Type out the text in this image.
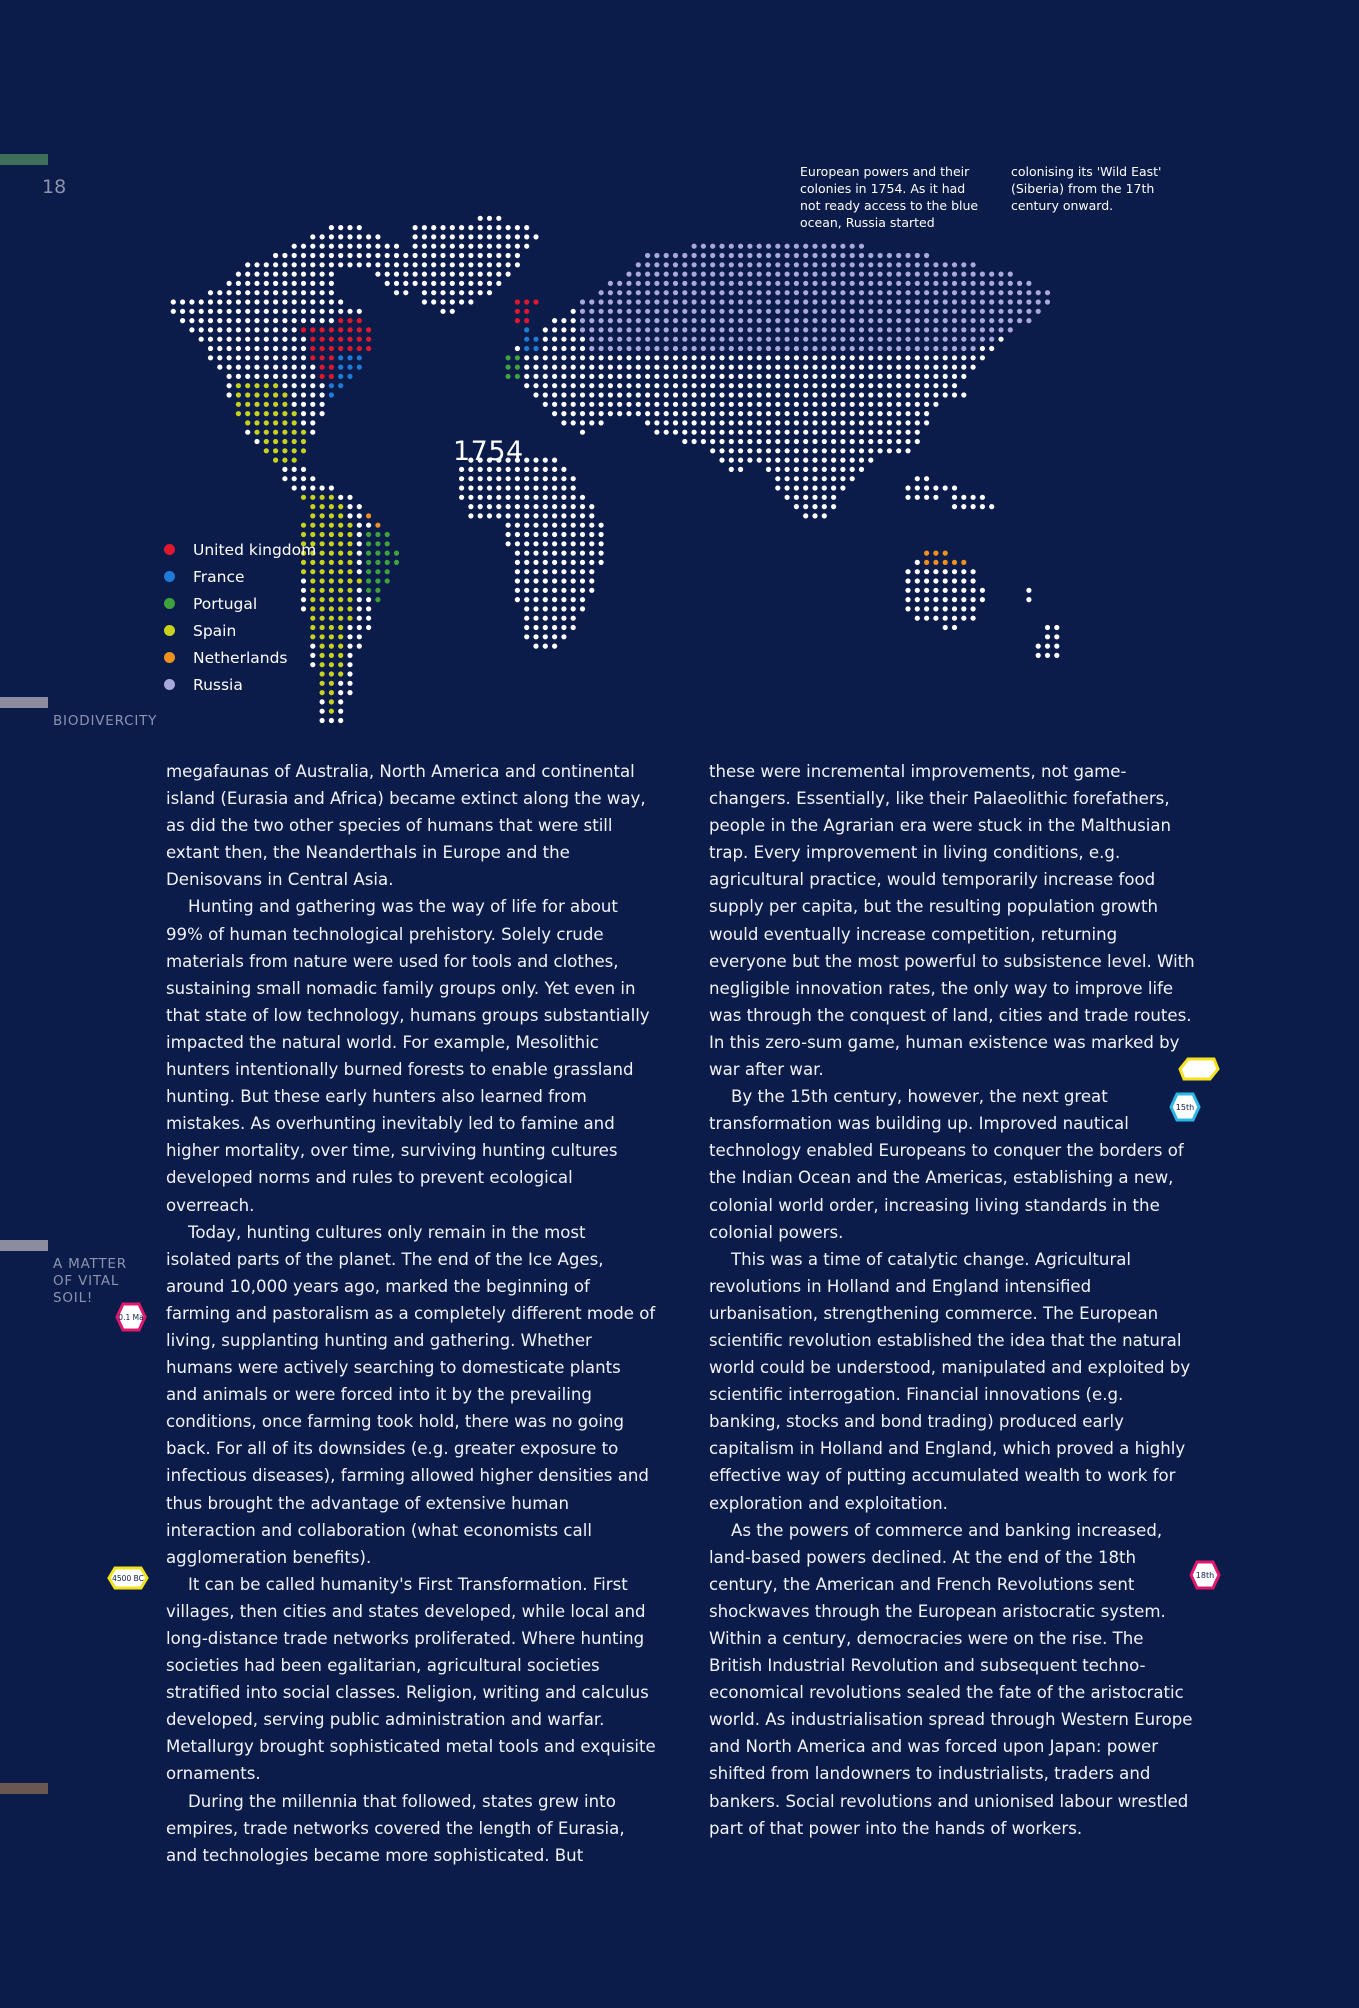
18
BIODIVERCITY
A MATTER
OF VITAL
SOIL!
European powers and their
colonies in 1754. As it had
not ready access to the blue
ocean, Russia started
colonising its 'Wild East'
(Siberia) from the 17th
century onward.
1754
United kingdom
France
Portugal
Spain
Netherlands
Russia

megafaunas of Australia, North America and continental island (Eurasia and Africa) became extinct along the way, as did the two other species of humans that were still extant then, the Neanderthals in Europe and the Denisovans in Central Asia.

Hunting and gathering was the way of life for about 99% of human technological prehistory. Solely crude materials from nature were used for tools and clothes, sustaining small nomadic family groups only. Yet even in that state of low technology, humans groups substantially impacted the natural world. For example, Mesolithic hunters intentionally burned forests to enable grassland hunting. But these early hunters also learned from mistakes. As overhunting inevitably led to famine and higher mortality, over time, surviving hunting cultures developed norms and rules to prevent ecological overreach.

Today, hunting cultures only remain in the most isolated parts of the planet. The end of the Ice Ages, around 10,000 years ago, marked the beginning of farming and pastoralism as a completely different mode of living, supplanting hunting and gathering. Whether humans were actively searching to domesticate plants and animals or were forced into it by the prevailing conditions, once farming took hold, there was no going back. For all of its downsides (e.g. greater exposure to infectious diseases), farming allowed higher densities and thus brought the advantage of extensive human interaction and collaboration (what economists call agglomeration benefits).

It can be called humanity's First Transformation. First villages, then cities and states developed, while local and long-distance trade networks proliferated. Where hunting societies had been egalitarian, agricultural societies stratified into social classes. Religion, writing and calculus developed, serving public administration and warfar. Metallurgy brought sophisticated metal tools and exquisite ornaments.

During the millennia that followed, states grew into empires, trade networks covered the length of Eurasia, and technologies became more sophisticated. But

these were incremental improvements, not game-changers. Essentially, like their Palaeolithic forefathers, people in the Agrarian era were stuck in the Malthusian trap. Every improvement in living conditions, e.g. agricultural practice, would temporarily increase food supply per capita, but the resulting population growth would eventually increase competition, returning everyone but the most powerful to subsistence level. With negligible innovation rates, the only way to improve life was through the conquest of land, cities and trade routes. In this zero-sum game, human existence was marked by war after war.

By the 15th century, however, the next great transformation was building up. Improved nautical technology enabled Europeans to conquer the borders of the Indian Ocean and the Americas, establishing a new, colonial world order, increasing living standards in the colonial powers.

This was a time of catalytic change. Agricultural revolutions in Holland and England intensified urbanisation, strengthening commerce. The European scientific revolution established the idea that the natural world could be understood, manipulated and exploited by scientific interrogation. Financial innovations (e.g. banking, stocks and bond trading) produced early capitalism in Holland and England, which proved a highly effective way of putting accumulated wealth to work for exploration and exploitation.

As the powers of commerce and banking increased, land-based powers declined. At the end of the 18th century, the American and French Revolutions sent shockwaves through the European aristocratic system. Within a century, democracies were on the rise. The British Industrial Revolution and subsequent techno-economical revolutions sealed the fate of the aristocratic world. As industrialisation spread through Western Europe and North America and was forced upon Japan: power shifted from landowners to industrialists, traders and bankers. Social revolutions and unionised labour wrestled part of that power into the hands of workers.

0.1 Ma
4500 BC
15th
18th
